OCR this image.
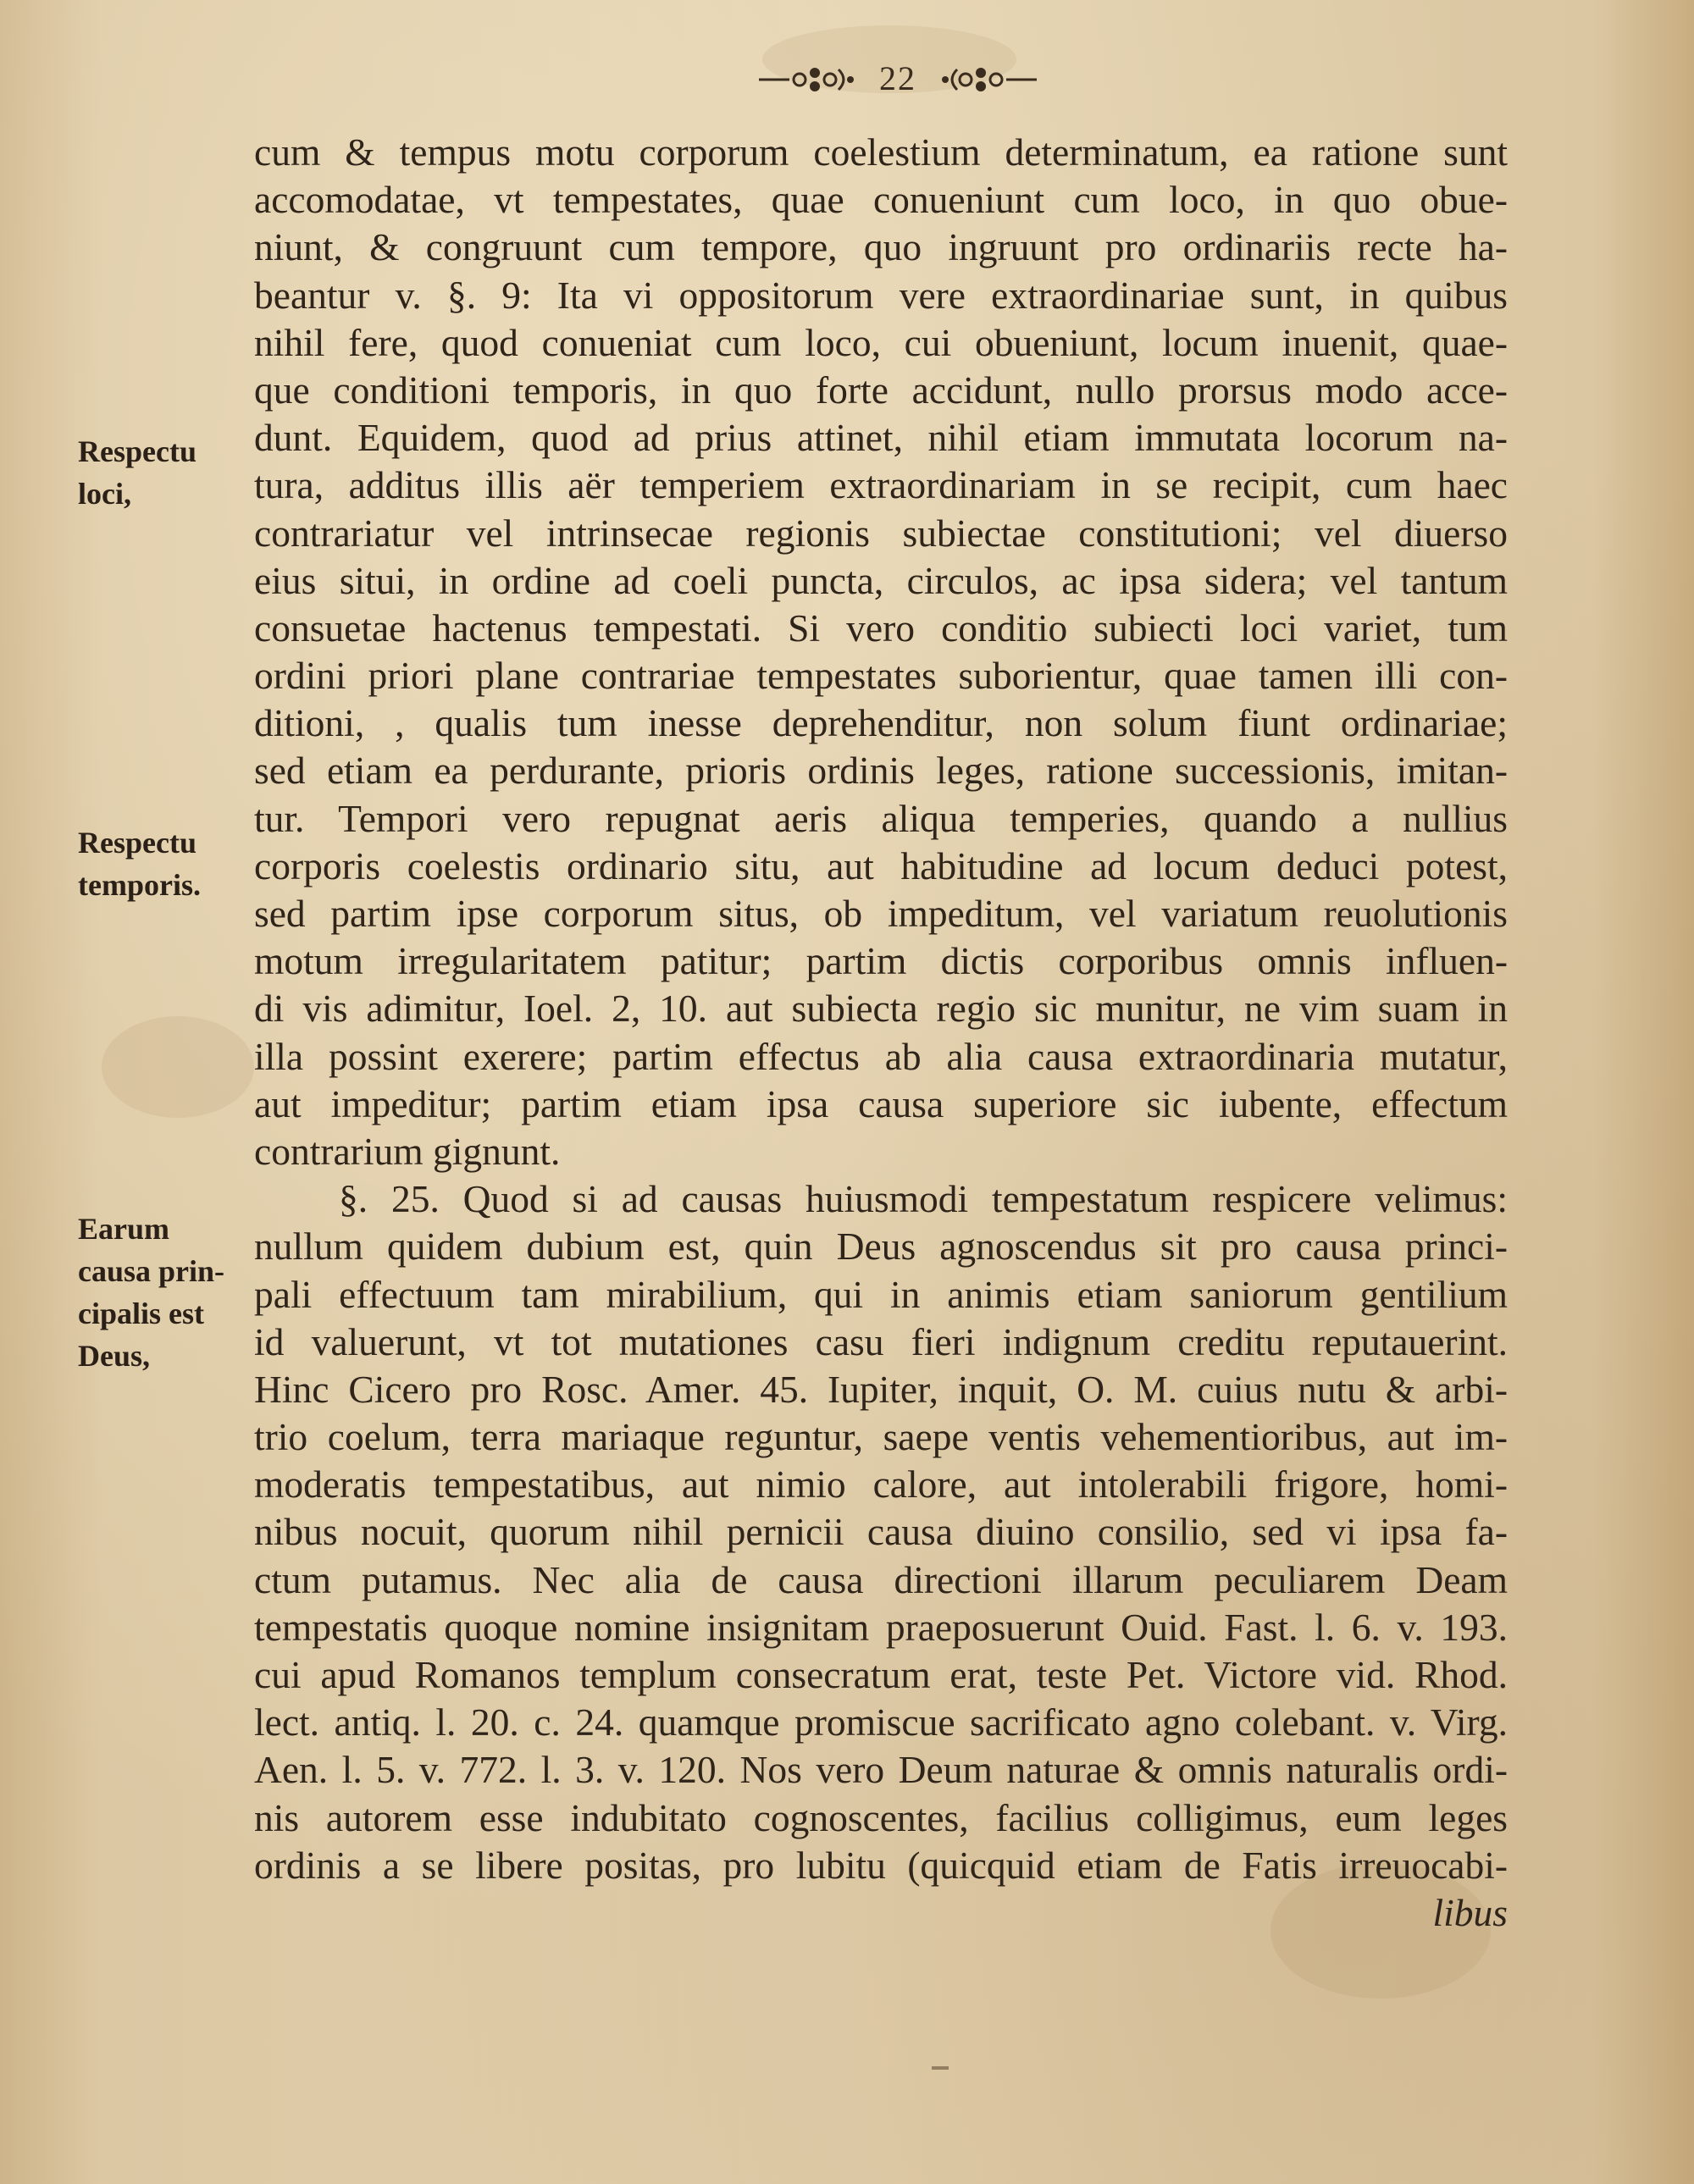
22
Respectu
loci,
Respectu
temporis.
Earum
causa prin-
cipalis est
Deus,
cum & tempus motu corporum coelestium determinatum, ea ratione sunt
accomodatae, vt tempestates, quae conueniunt cum loco, in quo obue-
niunt, & congruunt cum tempore, quo ingruunt pro ordinariis recte ha-
beantur v. §. 9: Ita vi oppositorum vere extraordinariae sunt, in quibus
nihil fere, quod conueniat cum loco, cui obueniunt, locum inuenit, quae-
que conditioni temporis, in quo forte accidunt, nullo prorsus modo acce-
dunt. Equidem, quod ad prius attinet, nihil etiam immutata locorum na-
tura, additus illis aër temperiem extraordinariam in se recipit, cum haec
contrariatur vel intrinsecae regionis subiectae constitutioni; vel diuerso
eius situi, in ordine ad coeli puncta, circulos, ac ipsa sidera; vel tantum
consuetae hactenus tempestati. Si vero conditio subiecti loci variet, tum
ordini priori plane contrariae tempestates suborientur, quae tamen illi con-
ditioni, , qualis tum inesse deprehenditur, non solum fiunt ordinariae;
sed etiam ea perdurante, prioris ordinis leges, ratione successionis, imitan-
tur. Tempori vero repugnat aeris aliqua temperies, quando a nullius
corporis coelestis ordinario situ, aut habitudine ad locum deduci potest,
sed partim ipse corporum situs, ob impeditum, vel variatum reuolutionis
motum irregularitatem patitur; partim dictis corporibus omnis influen-
di vis adimitur, Ioel. 2, 10. aut subiecta regio sic munitur, ne vim suam in
illa possint exerere; partim effectus ab alia causa extraordinaria mutatur,
aut impeditur; partim etiam ipsa causa superiore sic iubente, effectum
contrarium gignunt.
§. 25. Quod si ad causas huiusmodi tempestatum respicere velimus:
nullum quidem dubium est, quin Deus agnoscendus sit pro causa princi-
pali effectuum tam mirabilium, qui in animis etiam saniorum gentilium
id valuerunt, vt tot mutationes casu fieri indignum creditu reputauerint.
Hinc Cicero pro Rosc. Amer. 45. Iupiter, inquit, O. M. cuius nutu & arbi-
trio coelum, terra mariaque reguntur, saepe ventis vehementioribus, aut im-
moderatis tempestatibus, aut nimio calore, aut intolerabili frigore, homi-
nibus nocuit, quorum nihil pernicii causa diuino consilio, sed vi ipsa fa-
ctum putamus. Nec alia de causa directioni illarum peculiarem Deam
tempestatis quoque nomine insignitam praeposuerunt Ouid. Fast. l. 6. v. 193.
cui apud Romanos templum consecratum erat, teste Pet. Victore vid. Rhod.
lect. antiq. l. 20. c. 24. quamque promiscue sacrificato agno colebant. v. Virg.
Aen. l. 5. v. 772. l. 3. v. 120. Nos vero Deum naturae & omnis naturalis ordi-
nis autorem esse indubitato cognoscentes, facilius colligimus, eum leges
ordinis a se libere positas, pro lubitu (quicquid etiam de Fatis irreuocabi-
libus
